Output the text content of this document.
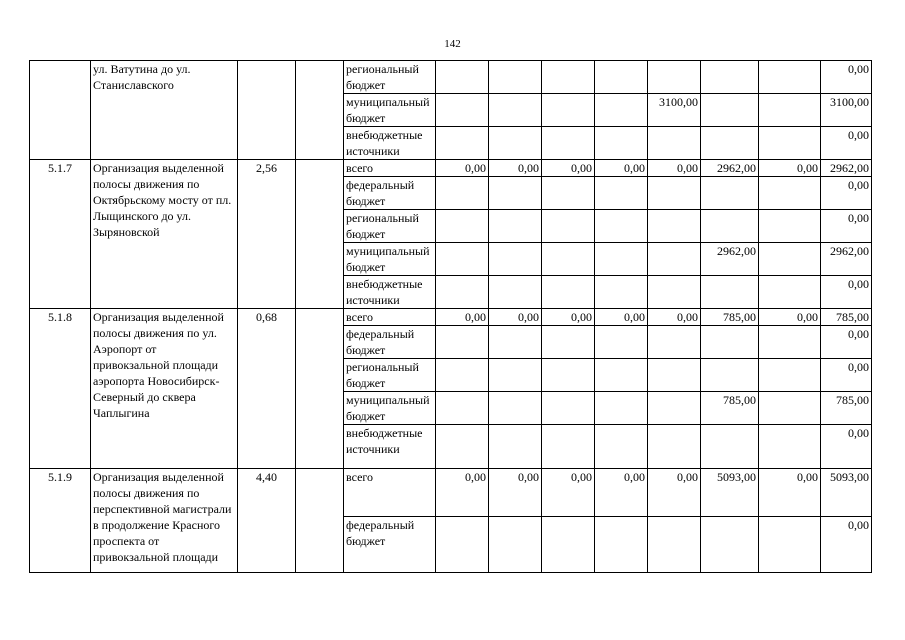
142
	ул. Ватутина до ул. Станиславского			региональный бюджет								0,00
				муниципальный бюджет					3100,00			3100,00
				внебюджетные источники								0,00
5.1.7	Организация выделенной полосы движения по Октябрьскому мосту от пл. Лыщинского до ул. Зыряновской	2,56		всего	0,00	0,00	0,00	0,00	0,00	2962,00	0,00	2962,00
				федеральный бюджет								0,00
				региональный бюджет								0,00
				муниципальный бюджет						2962,00		2962,00
				внебюджетные источники								0,00
5.1.8	Организация выделенной полосы движения по ул. Аэропорт от привокзальной площади аэропорта Новосибирск-Северный до сквера Чаплыгина	0,68		всего	0,00	0,00	0,00	0,00	0,00	785,00	0,00	785,00
				федеральный бюджет								0,00
				региональный бюджет								0,00
				муниципальный бюджет						785,00		785,00
				внебюджетные источники								0,00
5.1.9	Организация выделенной полосы движения по перспективной магистрали в продолжение Красного проспекта от привокзальной площади	4,40		всего	0,00	0,00	0,00	0,00	0,00	5093,00	0,00	5093,00
				федеральный бюджет								0,00
